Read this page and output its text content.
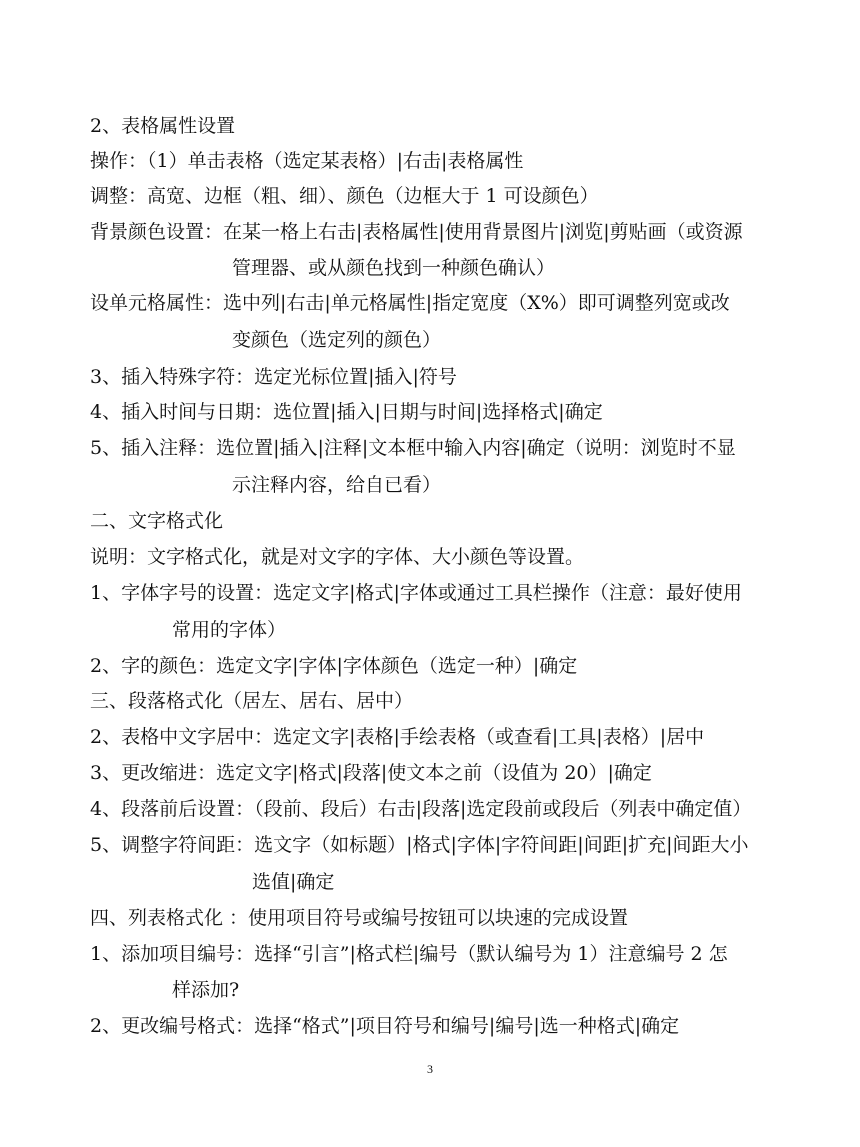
2、表格属性设置
操作：（1）单击表格（选定某表格）|右击|表格属性
调整：高宽、边框（粗、细）、颜色（边框大于 1 可设颜色）
背景颜色设置：在某一格上右击|表格属性|使用背景图片|浏览|剪贴画（或资源
管理器、或从颜色找到一种颜色确认）
设单元格属性：选中列|右击|单元格属性|指定宽度（X%）即可调整列宽或改
变颜色（选定列的颜色）
3、插入特殊字符：选定光标位置|插入|符号
4、插入时间与日期：选位置|插入|日期与时间|选择格式|确定
5、插入注释：选位置|插入|注释|文本框中输入内容|确定（说明：浏览时不显
示注释内容，给自已看）
二、文字格式化
说明：文字格式化，就是对文字的字体、大小颜色等设置。
1、字体字号的设置：选定文字|格式|字体或通过工具栏操作（注意：最好使用
常用的字体）
2、字的颜色：选定文字|字体|字体颜色（选定一种）|确定
三、段落格式化（居左、居右、居中）
2、表格中文字居中：选定文字|表格|手绘表格（或查看|工具|表格）|居中
3、更改缩进：选定文字|格式|段落|使文本之前（设值为 20）|确定
4、段落前后设置：（段前、段后）右击|段落|选定段前或段后（列表中确定值）
5、调整字符间距：选文字（如标题）|格式|字体|字符间距|间距|扩充|间距大小
选值|确定
四、列表格式化 ：使用项目符号或编号按钮可以块速的完成设置
1、添加项目编号：选择“引言”|格式栏|编号（默认编号为 1）注意编号 2 怎
样添加?
2、更改编号格式：选择“格式”|项目符号和编号|编号|选一种格式|确定
3
